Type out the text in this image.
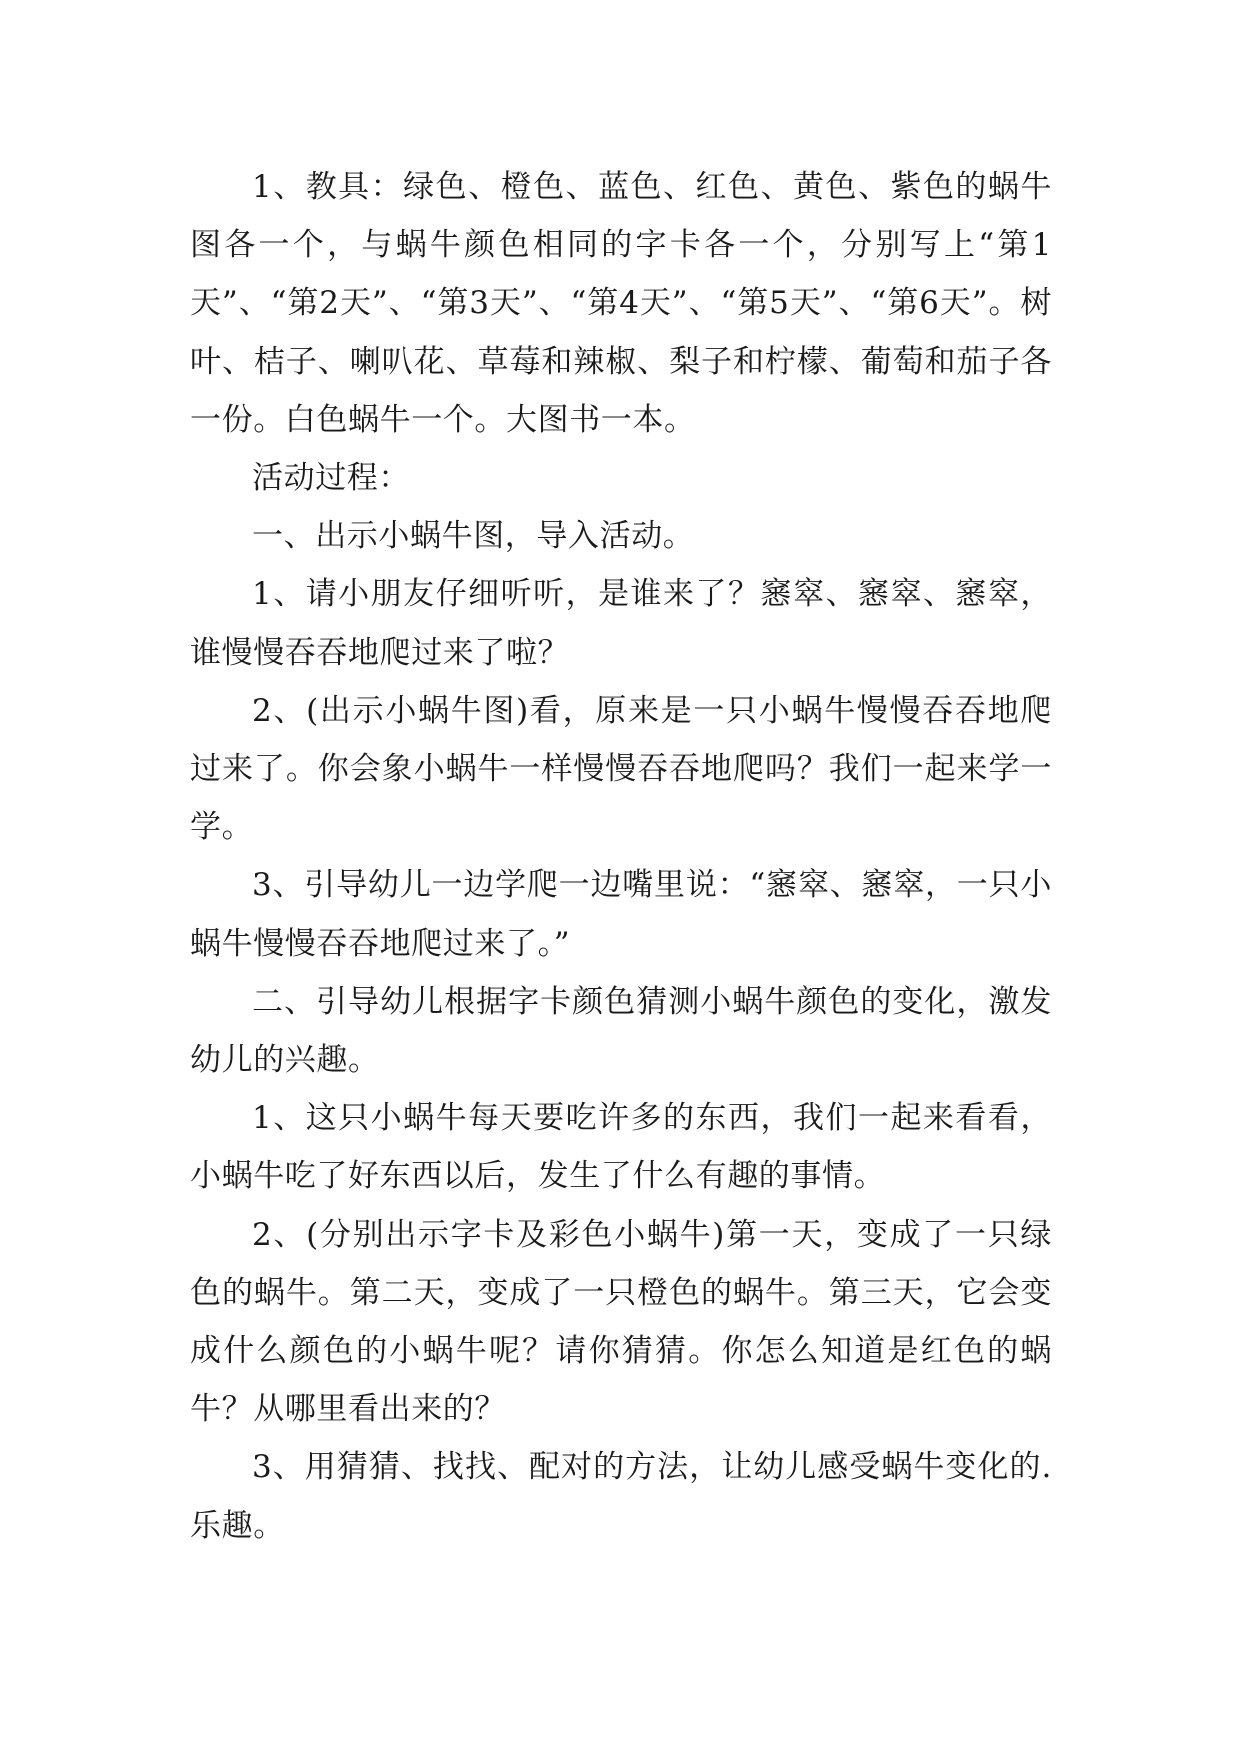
1、教具：绿色、橙色、蓝色、红色、黄色、紫色的蜗牛图各一个，与蜗牛颜色相同的字卡各一个，分别写上“第1天”、“第2天”、“第3天”、“第4天”、“第5天”、“第6天”。树叶、桔子、喇叭花、草莓和辣椒、梨子和柠檬、葡萄和茄子各一份。白色蜗牛一个。大图书一本。

活动过程：

一、出示小蜗牛图，导入活动。

1、请小朋友仔细听听，是谁来了？窸窣、窸窣、窸窣，谁慢慢吞吞地爬过来了啦？

2、(出示小蜗牛图)看，原来是一只小蜗牛慢慢吞吞地爬过来了。你会象小蜗牛一样慢慢吞吞地爬吗？我们一起来学一学。

3、引导幼儿一边学爬一边嘴里说：“窸窣、窸窣，一只小蜗牛慢慢吞吞地爬过来了。”

二、引导幼儿根据字卡颜色猜测小蜗牛颜色的变化，激发幼儿的兴趣。

1、这只小蜗牛每天要吃许多的东西，我们一起来看看，小蜗牛吃了好东西以后，发生了什么有趣的事情。

2、(分别出示字卡及彩色小蜗牛)第一天，变成了一只绿色的蜗牛。第二天，变成了一只橙色的蜗牛。第三天，它会变成什么颜色的小蜗牛呢？请你猜猜。你怎么知道是红色的蜗牛？从哪里看出来的？

3、用猜猜、找找、配对的方法，让幼儿感受蜗牛变化的.乐趣。
